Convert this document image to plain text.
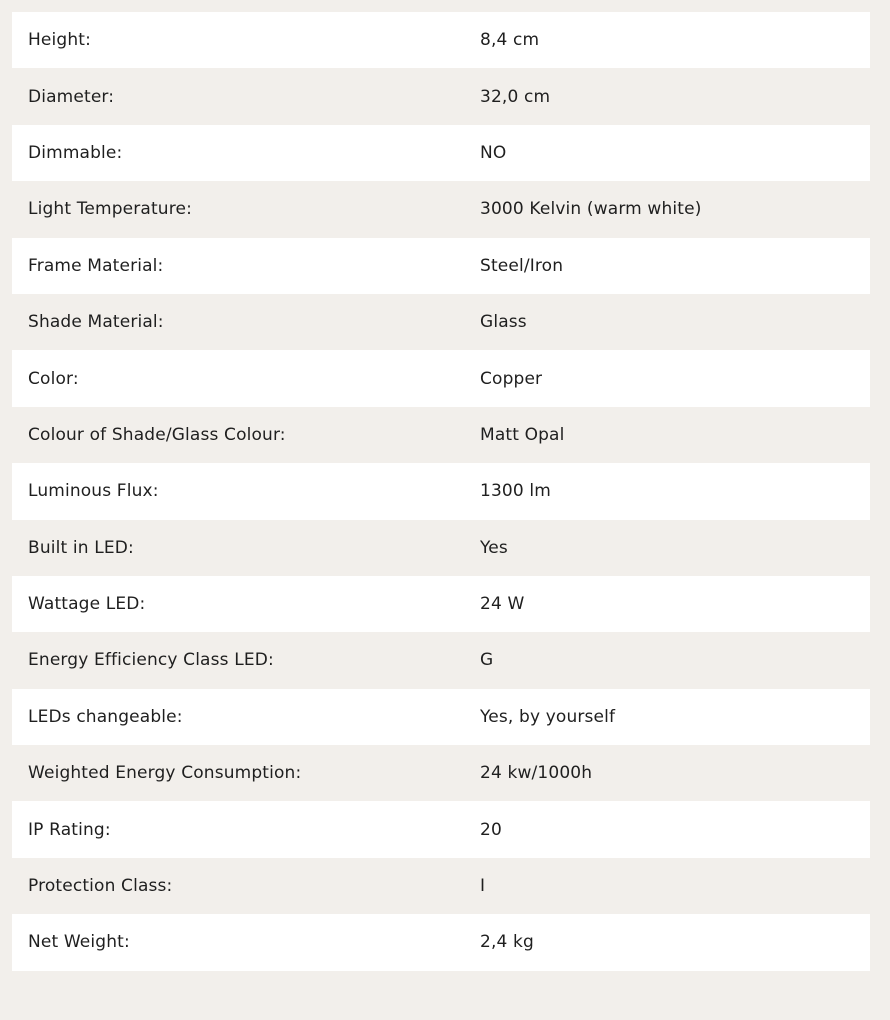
Height:	8,4 cm
Diameter:	32,0 cm
Dimmable:	NO
Light Temperature:	3000 Kelvin (warm white)
Frame Material:	Steel/Iron
Shade Material:	Glass
Color:	Copper
Colour of Shade/Glass Colour:	Matt Opal
Luminous Flux:	1300 lm
Built in LED:	Yes
Wattage LED:	24 W
Energy Efficiency Class LED:	G
LEDs changeable:	Yes, by yourself
Weighted Energy Consumption:	24 kw/1000h
IP Rating:	20
Protection Class:	I
Net Weight:	2,4 kg
